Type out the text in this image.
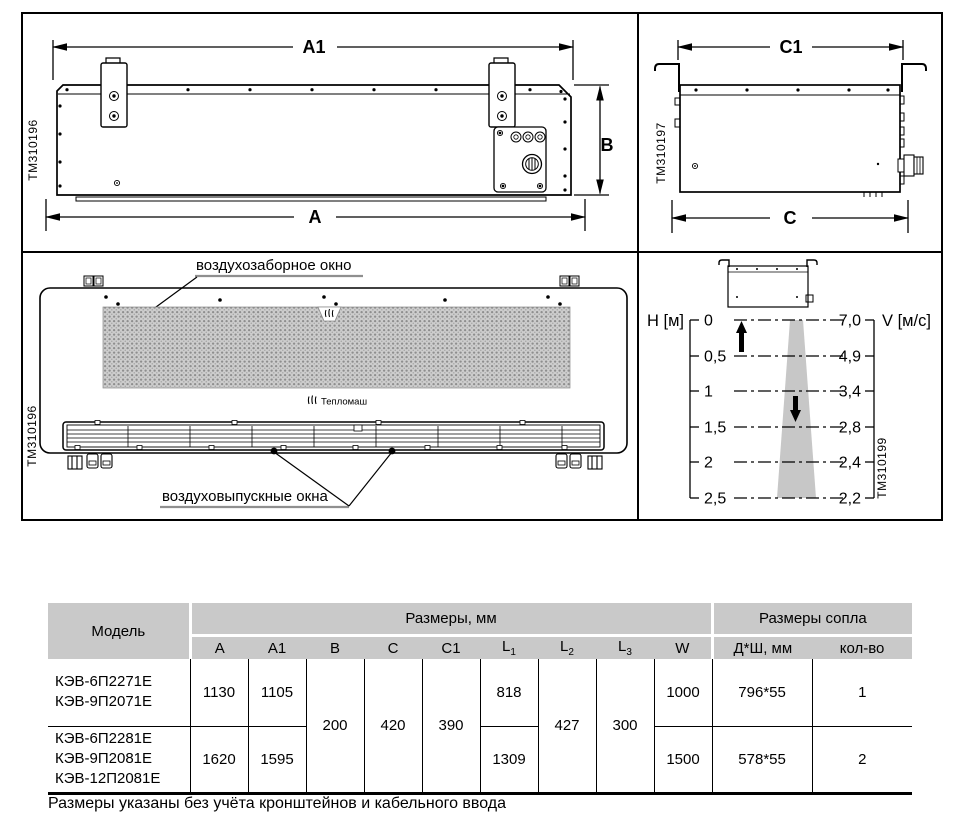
A1
B
A
TM310196
C1
C
TM310197
воздухозаборное окно
Тепломаш
воздуховыпускные окна
TM310196
Н [м]	V [м/с]
0
0,5
1
1,5
2
2,5
7,0
4,9
3,4
2,8
2,4
2,2
TM310199
Модель	Размеры, мм									Размеры сопла	
	A	A1	B	C	C1	$L_1$	$L_2$	$L_3$	W	Д*Ш, мм	кол-во

КЭВ-6П2271Е
КЭВ-9П2071Е	1130	1105	200	420	390	818	427	300	1000	796*55	1

КЭВ-6П2281Е
КЭВ-9П2081Е
КЭВ-12П2081Е	1620	1595				1309			1500	578*55	2
Размеры указаны без учёта кронштейнов и кабельного ввода
